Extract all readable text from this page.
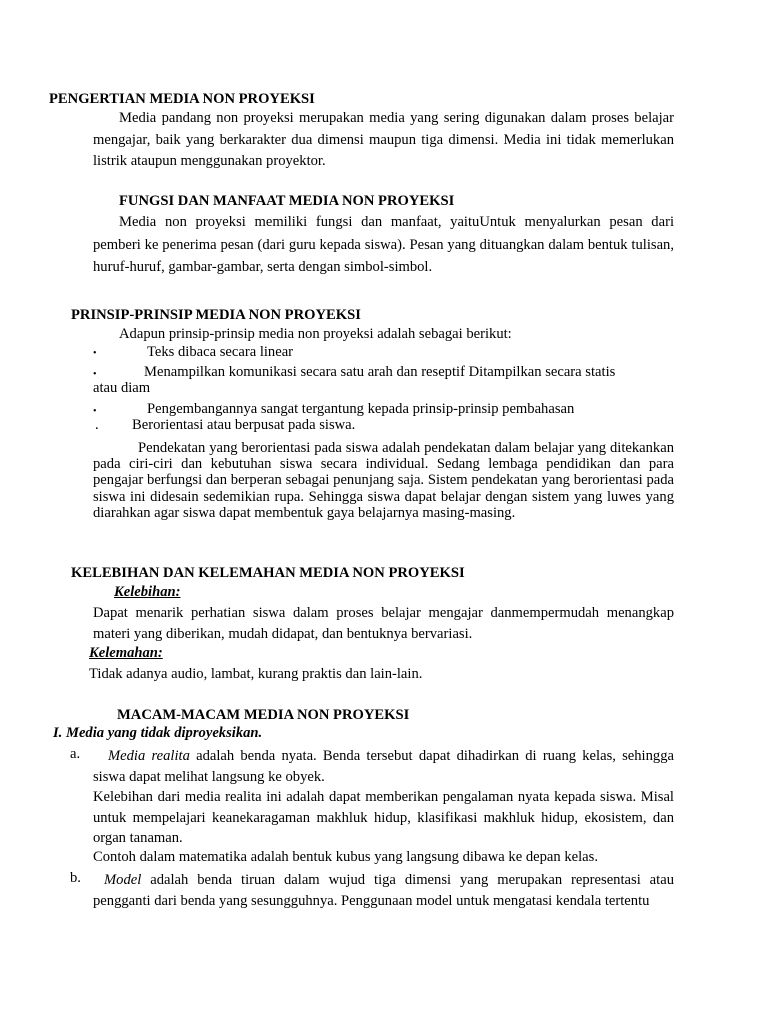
PENGERTIAN MEDIA NON PROYEKSI

Media pandang non proyeksi merupakan media yang sering digunakan dalam proses belajar mengajar, baik yang berkarakter dua dimensi maupun tiga dimensi. Media ini tidak memerlukan listrik ataupun menggunakan proyektor.

FUNGSI DAN MANFAAT MEDIA NON PROYEKSI

Media non proyeksi memiliki fungsi dan manfaat, yaituUntuk menyalurkan pesan dari pemberi ke penerima pesan (dari guru kepada siswa). Pesan yang dituangkan dalam bentuk tulisan, huruf-huruf, gambar-gambar, serta dengan simbol-simbol.

PRINSIP-PRINSIP MEDIA NON PROYEKSI
Adapun prinsip-prinsip media non proyeksi adalah sebagai berikut:
•	Teks dibaca secara linear
•	Menampilkan komunikasi secara satu arah dan reseptif Ditampilkan secara statis
atau diam
•	Pengembangannya sangat tergantung kepada prinsip-prinsip pembahasan
. Berorientasi atau berpusat pada siswa.

Pendekatan yang berorientasi pada siswa adalah pendekatan dalam belajar yang ditekankan pada ciri-ciri dan kebutuhan siswa secara individual. Sedang lembaga pendidikan dan para pengajar berfungsi dan berperan sebagai penunjang saja. Sistem pendekatan yang berorientasi pada siswa ini didesain sedemikian rupa. Sehingga siswa dapat belajar dengan sistem yang luwes yang diarahkan agar siswa dapat membentuk gaya belajarnya masing-masing.

KELEBIHAN DAN KELEMAHAN MEDIA NON PROYEKSI
Kelebihan:

Dapat menarik perhatian siswa dalam proses belajar mengajar danmempermudah menangkap materi yang diberikan, mudah didapat, dan bentuknya bervariasi.

Kelemahan:
Tidak adanya audio, lambat, kurang praktis dan lain-lain.
MACAM-MACAM MEDIA NON PROYEKSI
I. Media yang tidak diproyeksikan.
a.	Media realita adalah benda nyata. Benda tersebut dapat dihadirkan di ruang kelas, sehingga siswa dapat melihat langsung ke obyek.

Kelebihan dari media realita ini adalah dapat memberikan pengalaman nyata kepada siswa. Misal untuk mempelajari keanekaragaman makhluk hidup, klasifikasi makhluk hidup, ekosistem, dan organ tanaman.

Contoh dalam matematika adalah bentuk kubus yang langsung dibawa ke depan kelas.
b.	Model adalah benda tiruan dalam wujud tiga dimensi yang merupakan representasi atau pengganti dari benda yang sesungguhnya. Penggunaan model untuk mengatasi kendala tertentu
